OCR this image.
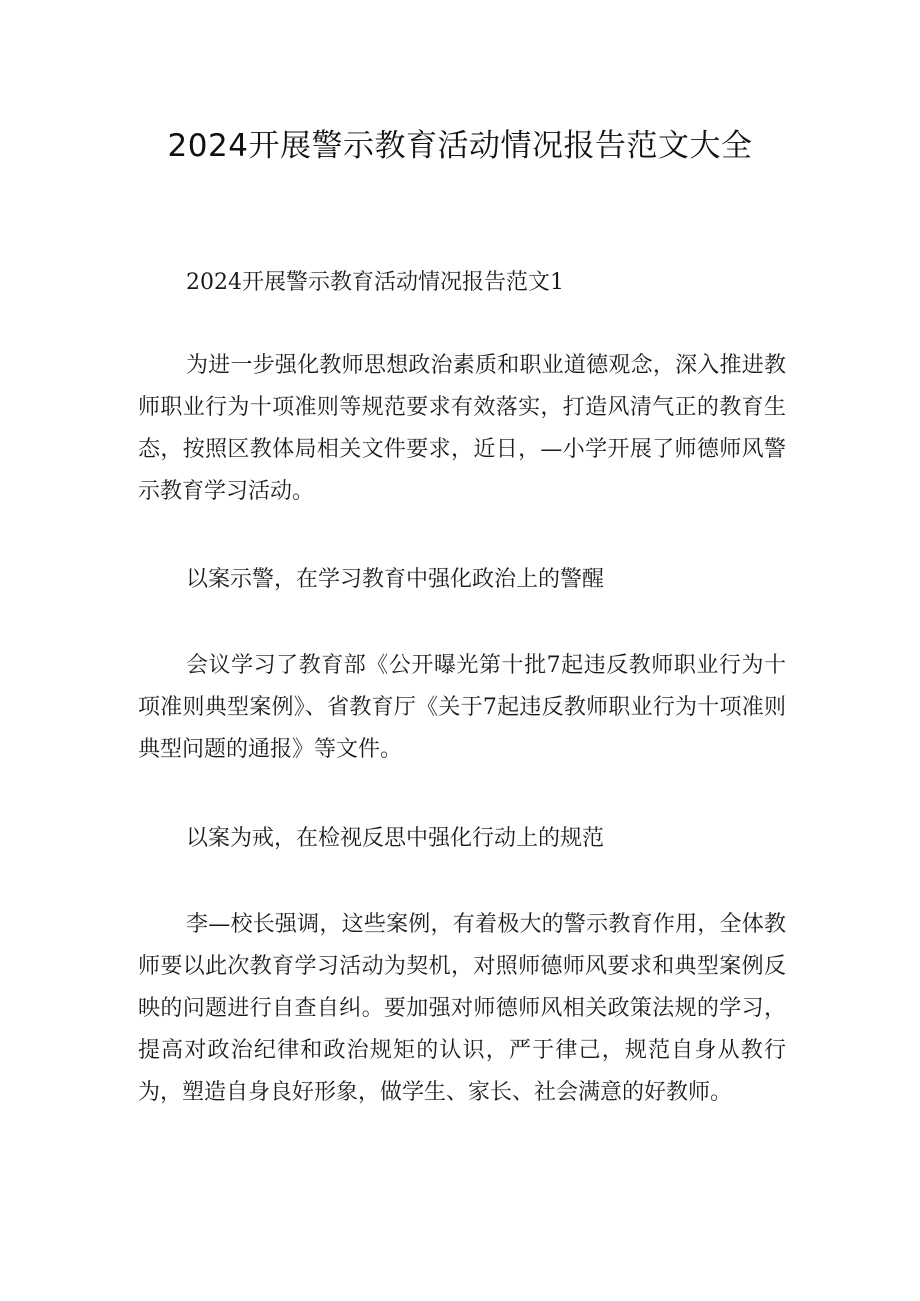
2024开展警示教育活动情况报告范文大全

2024开展警示教育活动情况报告范文1

为进一步强化教师思想政治素质和职业道德观念，深入推进教师职业行为十项准则等规范要求有效落实，打造风清气正的教育生态，按照区教体局相关文件要求，近日，—小学开展了师德师风警示教育学习活动。

以案示警，在学习教育中强化政治上的警醒

会议学习了教育部《公开曝光第十批7起违反教师职业行为十项准则典型案例》、省教育厅《关于7起违反教师职业行为十项准则典型问题的通报》等文件。

以案为戒，在检视反思中强化行动上的规范

李—校长强调，这些案例，有着极大的警示教育作用，全体教师要以此次教育学习活动为契机，对照师德师风要求和典型案例反映的问题进行自查自纠。要加强对师德师风相关政策法规的学习，提高对政治纪律和政治规矩的认识，严于律己，规范自身从教行为，塑造自身良好形象，做学生、家长、社会满意的好教师。
